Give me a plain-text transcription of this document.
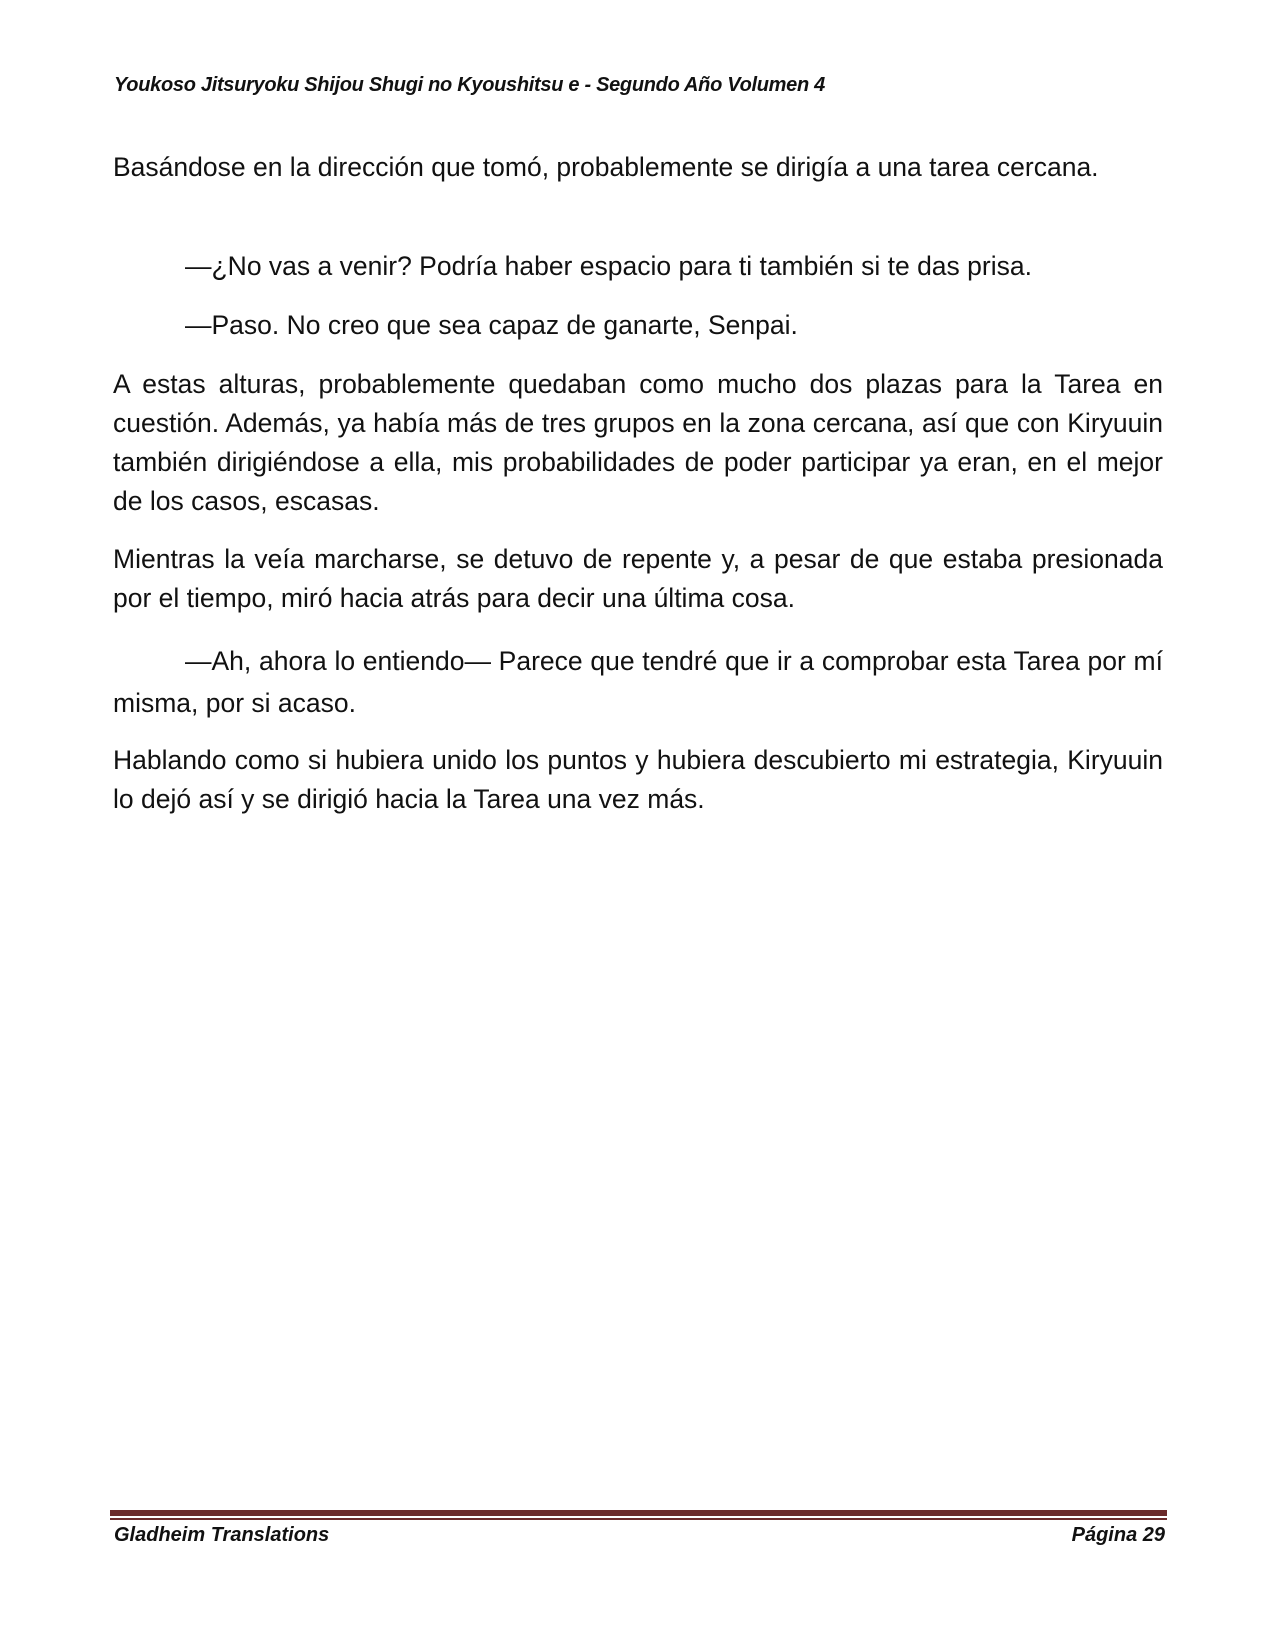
Youkoso Jitsuryoku Shijou Shugi no Kyoushitsu e - Segundo Año Volumen 4

Basándose en la dirección que tomó, probablemente se dirigía a una tarea cercana.

—¿No vas a venir? Podría haber espacio para ti también si te das prisa.

—Paso. No creo que sea capaz de ganarte, Senpai.

A estas alturas, probablemente quedaban como mucho dos plazas para la Tarea en cuestión. Además, ya había más de tres grupos en la zona cercana, así que con Kiryuuin también dirigiéndose a ella, mis probabilidades de poder participar ya eran, en el mejor de los casos, escasas.

Mientras la veía marcharse, se detuvo de repente y, a pesar de que estaba presionada por el tiempo, miró hacia atrás para decir una última cosa.

—Ah, ahora lo entiendo— Parece que tendré que ir a comprobar esta Tarea por mí misma, por si acaso.

Hablando como si hubiera unido los puntos y hubiera descubierto mi estrategia, Kiryuuin lo dejó así y se dirigió hacia la Tarea una vez más.

Gladheim Translations	Página 29
